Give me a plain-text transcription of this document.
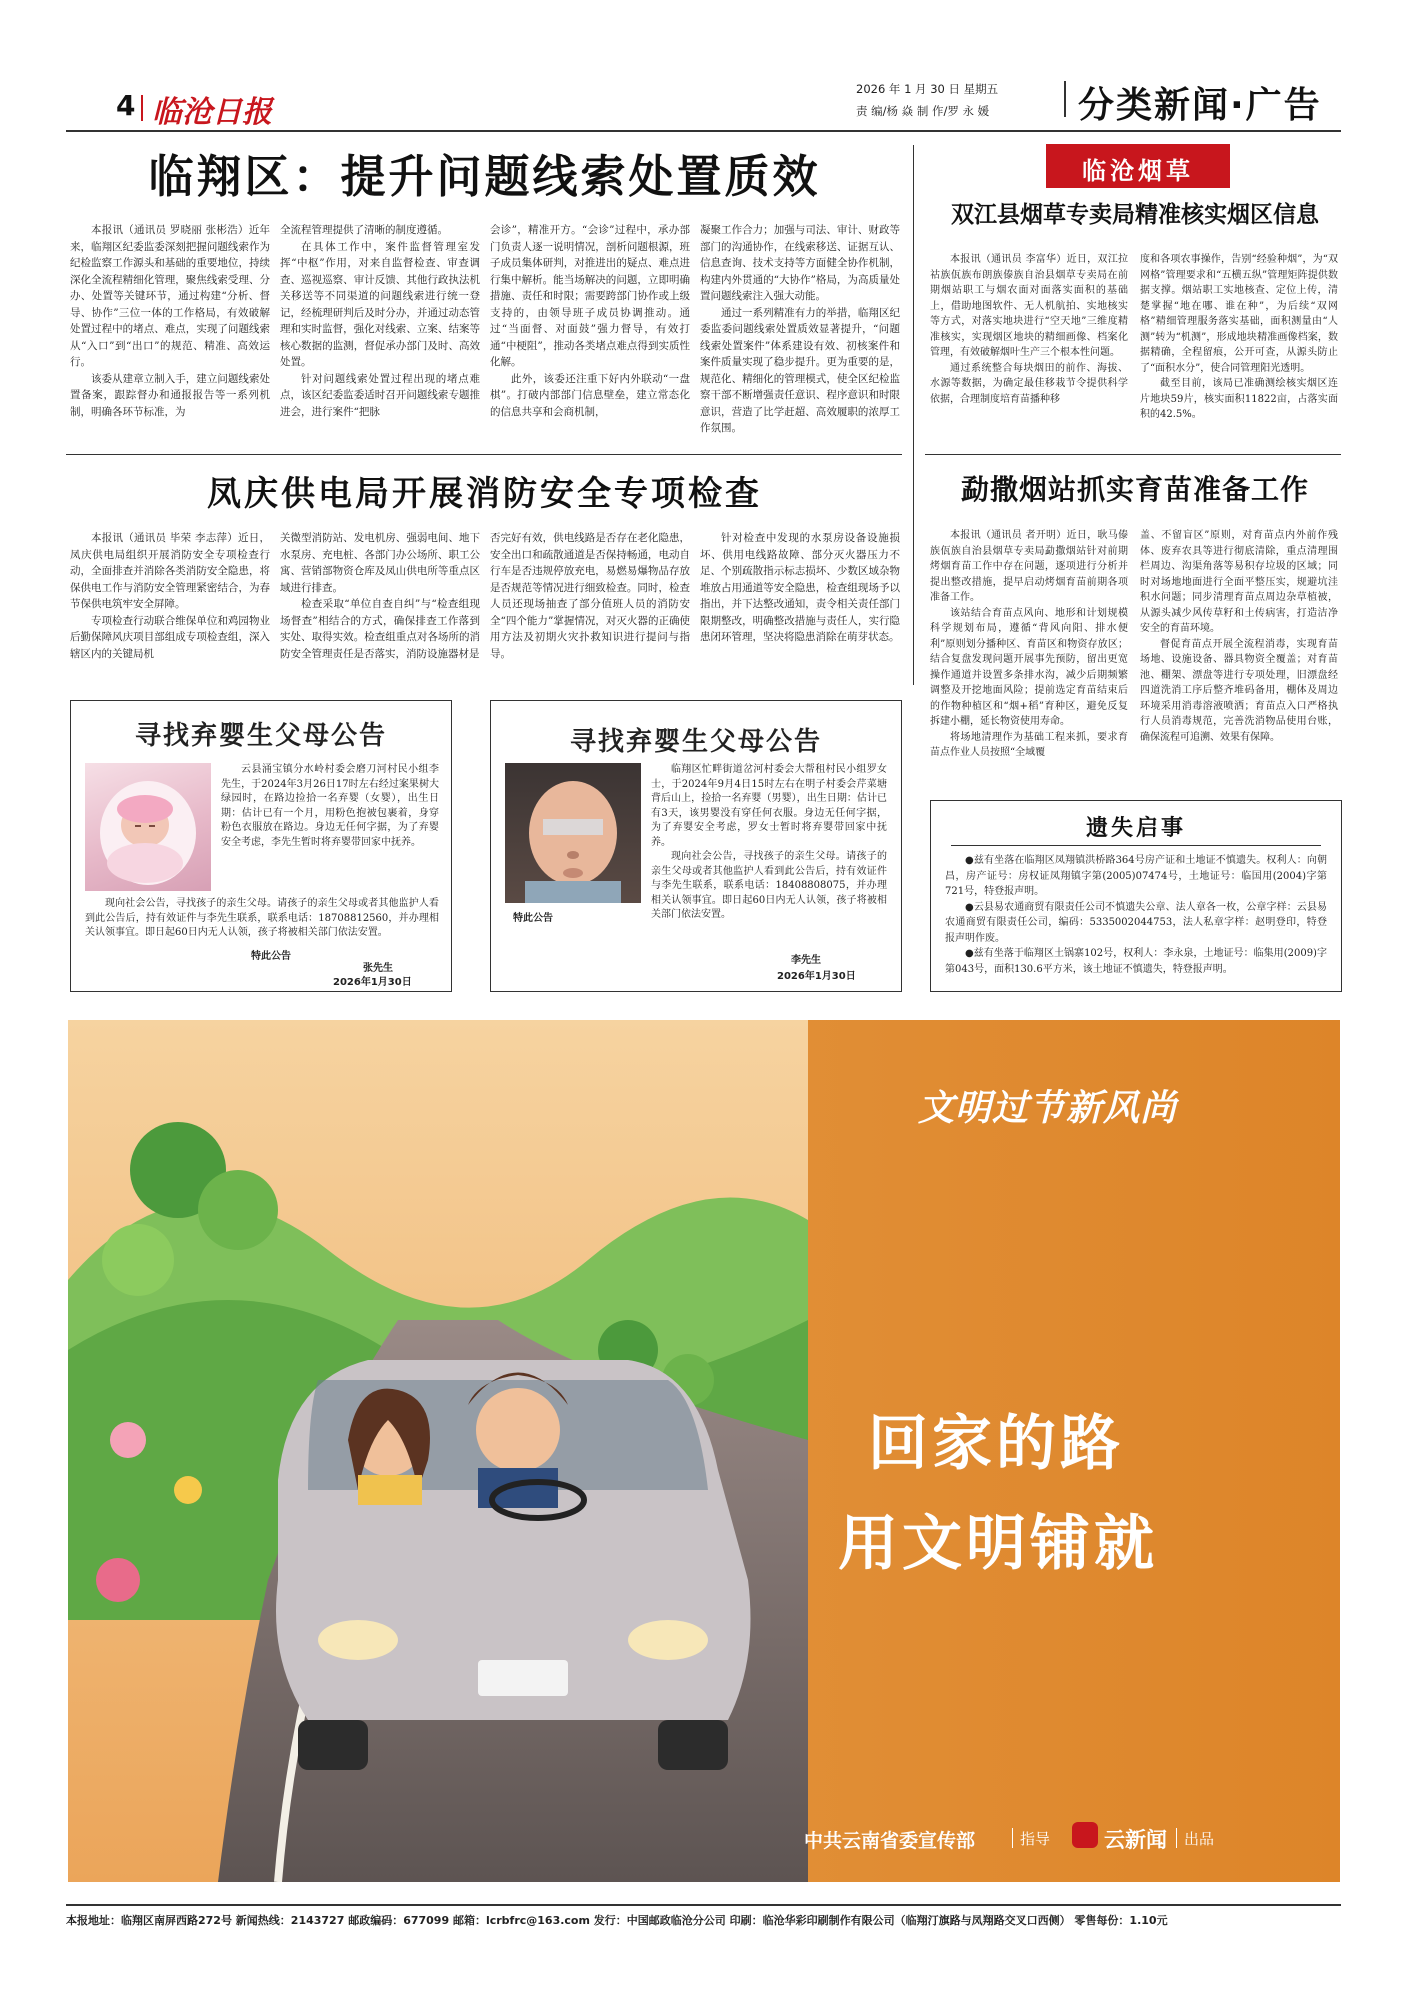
4 临沧日报
2026 年 1 月 30 日 星期五
责 编/杨 焱 制 作/罗 永 媛 分类新闻·广告
临翔区：提升问题线索处置质效

本报讯（通讯员 罗晓丽 张彬浩）近年来，临翔区纪委监委深刻把握问题线索作为纪检监察工作源头和基础的重要地位，持续深化全流程精细化管理，聚焦线索受理、分办、处置等关键环节，通过构建“分析、督导、协作”三位一体的工作格局，有效破解处置过程中的堵点、难点，实现了问题线索从“入口”到“出口”的规范、精准、高效运行。

该委从建章立制入手，建立问题线索处置备案，跟踪督办和通报报告等一系列机制，明确各环节标准，为

全流程管理提供了清晰的制度遵循。

在具体工作中，案件监督管理室发挥“中枢”作用，对来自监督检查、审查调查、巡视巡察、审计反馈、其他行政执法机关移送等不同渠道的问题线索进行统一登记，经梳理研判后及时分办，并通过动态管理和实时监督，强化对线索、立案、结案等核心数据的监测，督促承办部门及时、高效处置。

针对问题线索处置过程出现的堵点难点，该区纪委监委适时召开问题线索专题推进会，进行案件“把脉

会诊”，精准开方。“会诊”过程中，承办部门负责人逐一说明情况，剖析问题根源，班子成员集体研判，对推进出的疑点、难点进行集中解析。能当场解决的问题，立即明确措施、责任和时限；需要跨部门协作或上级支持的，由领导班子成员协调推动。通过“当面督、对面鼓”强力督导，有效打通“中梗阻”，推动各类堵点难点得到实质性化解。

此外，该委还注重下好内外联动“一盘棋”。打破内部部门信息壁垒，建立常态化的信息共享和会商机制，

凝聚工作合力；加强与司法、审计、财政等部门的沟通协作，在线索移送、证据互认、信息查询、技术支持等方面健全协作机制，构建内外贯通的“大协作”格局，为高质量处置问题线索注入强大动能。

通过一系列精准有力的举措，临翔区纪委监委问题线索处置质效显著提升，“问题线索处置案件”体系建设有效、初核案件和案件质量实现了稳步提升。更为重要的是，规范化、精细化的管理模式，使全区纪检监察干部不断增强责任意识、程序意识和时限意识，营造了比学赶超、高效履职的浓厚工作氛围。

凤庆供电局开展消防安全专项检查

本报讯（通讯员 毕荣 李志萍）近日，凤庆供电局组织开展消防安全专项检查行动，全面排查并消除各类消防安全隐患，将保供电工作与消防安全管理紧密结合，为春节保供电筑牢安全屏障。

专项检查行动联合维保单位和鸡园物业后勤保障风庆项目部组成专项检查组，深入辖区内的关键局机

关微型消防站、发电机房、强弱电间、地下水泵房、充电桩、各部门办公场所、职工公寓、营销部物资仓库及凤山供电所等重点区域进行排查。

检查采取“单位自查自纠”与“检查组现场督查”相结合的方式，确保排查工作落到实处、取得实效。检查组重点对各场所的消防安全管理责任是否落实，消防设施器材是

否完好有效，供电线路是否存在老化隐患，安全出口和疏散通道是否保持畅通，电动自行车是否违规停放充电，易燃易爆物品存放是否规范等情况进行细致检查。同时，检查人员还现场抽查了部分值班人员的消防安全“四个能力”掌握情况，对灭火器的正确使用方法及初期火灾扑救知识进行提问与指导。

针对检查中发现的水泵房设备设施损坏、供用电线路故障、部分灭火器压力不足、个别疏散指示标志损坏、少数区域杂物堆放占用通道等安全隐患，检查组现场予以指出，并下达整改通知，责令相关责任部门限期整改，明确整改措施与责任人，实行隐患闭环管理，坚决将隐患消除在萌芽状态。

寻找弃婴生父母公告

云县涌宝镇分水岭村委会磨刀河村民小组李先生，于2024年3月26日17时左右经过案果树大绿园时，在路边捡拾一名弃婴（女婴），出生日期：估计已有一个月，用粉色抱被包裹着，身穿粉色衣服放在路边。身边无任何字据，为了弃婴安全考虑，李先生暂时将弃婴带回家中抚养。

现向社会公告，寻找孩子的亲生父母。请孩子的亲生父母或者其他监护人看到此公告后，持有效证件与李先生联系，联系电话：18708812560，并办理相关认领事宜。即日起60日内无人认领，孩子将被相关部门依法安置。

特此公告
张先生
2026年1月30日
寻找弃婴生父母公告

临翔区忙畔街道岔河村委会大帮租村民小组罗女士，于2024年9月4日15时左右在明子村委会芹菜塘背后山上，捡拾一名弃婴（男婴），出生日期：估计已有3天，该男婴没有穿任何衣服。身边无任何字据，为了弃婴安全考虑，罗女士暂时将弃婴带回家中抚养。

现向社会公告，寻找孩子的亲生父母。请孩子的亲生父母或者其他监护人看到此公告后，持有效证件与李先生联系，联系电话：18408808075，并办理相关认领事宜。即日起60日内无人认领，孩子将被相关部门依法安置。

特此公告
李先生
2026年1月30日
临沧烟草
双江县烟草专卖局精准核实烟区信息

本报讯（通讯员 李富华）近日，双江拉祜族佤族布朗族傣族自治县烟草专卖局在前期烟站职工与烟农面对面落实面积的基础上，借助地图软件、无人机航拍、实地核实等方式，对落实地块进行“空天地”三维度精准核实，实现烟区地块的精细画像、档案化管理，有效破解烟叶生产三个根本性问题。

通过系统整合每块烟田的前作、海拔、水源等数据，为确定最佳移栽节令提供科学依据，合理制度培育苗播种移

度和各项农事操作，告别“经验种烟”，为“双网格”管理要求和“五横五纵”管理矩阵提供数据支撑。烟站职工实地核查、定位上传，清楚掌握“地在哪、谁在种”，为后续“双网格”精细管理服务落实基础，面积测量由“人测”转为“机测”，形成地块精准画像档案，数据精确，全程留痕，公开可查，从源头防止了“面积水分”，使合同管理阳光透明。

截至目前，该局已准确测绘核实烟区连片地块59片，核实面积11822亩，占落实面积的42.5%。

勐撒烟站抓实育苗准备工作

本报讯（通讯员 者开明）近日，耿马傣族佤族自治县烟草专卖局勐撒烟站针对前期烤烟育苗工作中存在问题，逐项进行分析并提出整改措施，提早启动烤烟育苗前期各项准备工作。

该站结合育苗点风向、地形和计划规模科学规划布局，遵循“背风向阳、排水便利”原则划分播种区、育苗区和物资存放区；结合复盘发现问题开展事先预防，留出更宽操作通道并设置多条排水沟，减少后期频繁调整及开挖地面风险；提前选定育苗结束后的作物种植区和“烟+稻”育种区，避免反复拆建小棚，延长物资使用寿命。

将场地清理作为基础工程来抓，要求育苗点作业人员按照“全域覆

盖、不留盲区”原则，对育苗点内外前作残体、废弃农具等进行彻底清除，重点清理围栏周边、沟渠角落等易积存垃圾的区域；同时对场地地面进行全面平整压实，规避坑洼积水问题；同步清理育苗点周边杂草植被，从源头减少风传草籽和土传病害，打造洁净安全的育苗环境。

督促育苗点开展全流程消毒，实现育苗场地、设施设备、器具物资全覆盖；对育苗池、棚架、漂盘等进行专项处理，旧漂盘经四道洗消工序后整齐堆码备用，棚体及周边环境采用消毒溶液喷洒；育苗点入口严格执行人员消毒规范，完善洗消物品使用台账，确保流程可追溯、效果有保障。

遗失启事

●兹有坐落在临翔区凤翔镇洪桥路364号房产证和土地证不慎遗失。权利人：向朝昌，房产证号：房权证凤翔镇字第(2005)07474号，土地证号：临国用(2004)字第721号，特登报声明。

●云县易农通商贸有限责任公司不慎遗失公章、法人章各一枚，公章字样：云县易农通商贸有限责任公司，编码：5335002044753，法人私章字样：赵明登印，特登报声明作废。

●兹有坐落于临翔区土锅寨102号，权利人：李永泉，土地证号：临集用(2009)字第043号，面积130.6平方米，该土地证不慎遗失，特登报声明。

文明过节新风尚
回家的路
用文明铺就
中共云南省委宣传部	指导	云新闻 出品
本报地址：临翔区南屏西路272号 新闻热线：2143727 邮政编码：677099 邮箱：lcrbfrc@163.com 发行：中国邮政临沧分公司 印刷：临沧华彩印刷制作有限公司（临翔汀旗路与凤翔路交叉口西侧） 零售每份：1.10元
